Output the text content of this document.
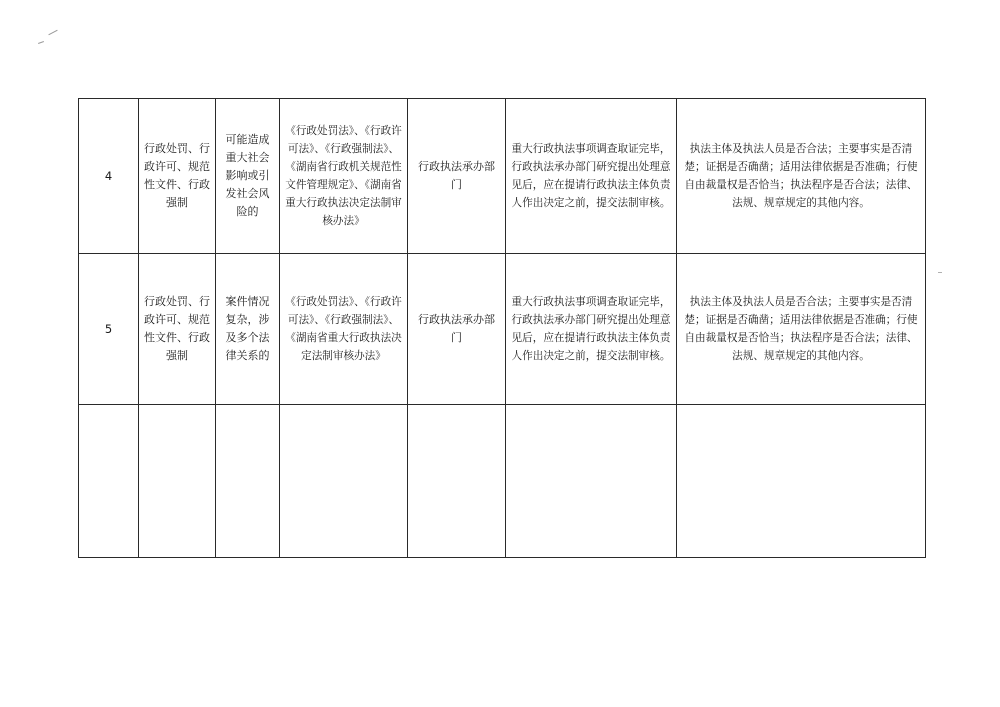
4	行政处罚、行政许可、规范性文件、行政强制	可能造成重大社会影响或引发社会风险的	《行政处罚法》、《行政许可法》、《行政强制法》、《湖南省行政机关规范性文件管理规定》、《湖南省重大行政执法决定法制审核办法》	行政执法承办部门	重大行政执法事项调查取证完毕，行政执法承办部门研究提出处理意见后，应在提请行政执法主体负责人作出决定之前，提交法制审核。	执法主体及执法人员是否合法；主要事实是否清楚；证据是否确凿；适用法律依据是否准确；行使自由裁量权是否恰当；执法程序是否合法；法律、法规、规章规定的其他内容。
5	行政处罚、行政许可、规范性文件、行政强制	案件情况复杂，涉及多个法律关系的	《行政处罚法》、《行政许可法》、《行政强制法》、《湖南省重大行政执法决定法制审核办法》	行政执法承办部门	重大行政执法事项调查取证完毕，行政执法承办部门研究提出处理意见后，应在提请行政执法主体负责人作出决定之前，提交法制审核。	执法主体及执法人员是否合法；主要事实是否清楚；证据是否确凿；适用法律依据是否准确；行使自由裁量权是否恰当；执法程序是否合法；法律、法规、规章规定的其他内容。
